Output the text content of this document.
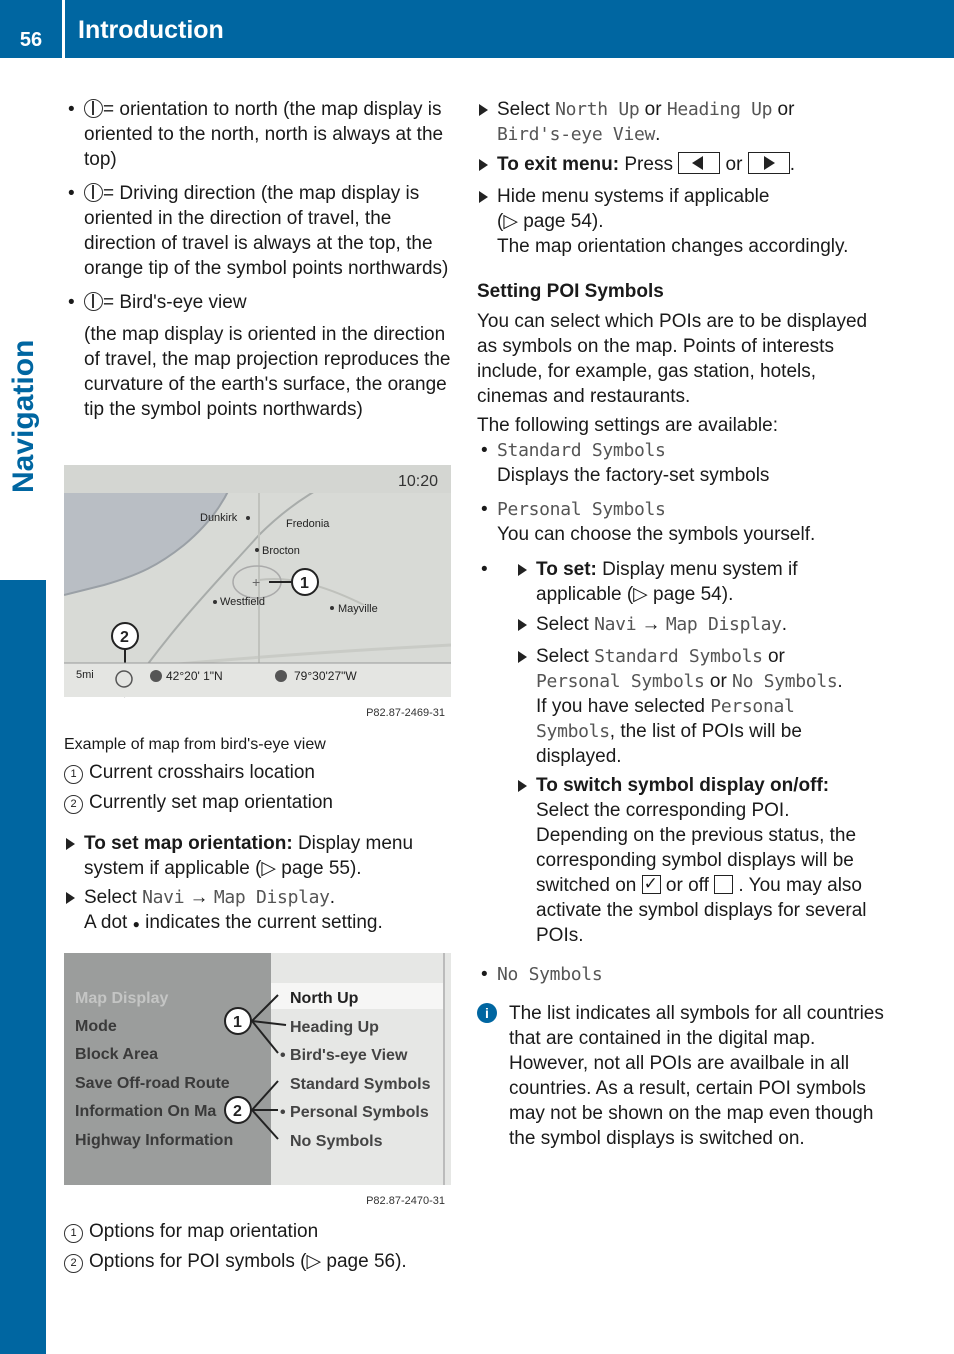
56	Introduction
Navigation

• = orientation to north (the map display is oriented to the north, north is always at the top)

• = Driving direction (the map display is oriented in the direction of travel, the direction of travel is always at the top, the orange tip of the symbol points northwards)

• = Bird's-eye view

(the map display is oriented in the direction of travel, the map projection reproduces the curvature of the earth's surface, the orange tip the symbol points northwards)

10:20
+
Dunkirk	Fredonia
Brocton
Westfield
Mayville
1
2
5mi	42°20' 1"N	79°30'27"W
P82.87-2469-31

Example of map from bird's-eye view

1 Current crosshairs location

2 Currently set map orientation

To set map orientation: Display menu system if applicable (▷ page 55).

Select Navi → Map Display.
A dot ● indicates the current setting.

Map Display
Mode
Block Area
Save Off-road Route
Information On Ma
Highway Information
North Up
Heading Up
• Bird's-eye View
Standard Symbols
• Personal Symbols
No Symbols
1
2
P82.87-2470-31

1 Options for map orientation

2 Options for POI symbols (▷ page 56).

Select North Up or Heading Up or
Bird's-eye View.

To exit menu: Press  or .

Hide menu systems if applicable
(▷ page 54).
The map orientation changes accordingly.

Setting POI Symbols

You can select which POIs are to be displayed as symbols on the map. Points of interests include, for example, gas station, hotels, cinemas and restaurants.

The following settings are available:

• Standard Symbols
Displays the factory-set symbols

• Personal Symbols
You can choose the symbols yourself.

• To set: Display menu system if applicable (▷ page 54).

Select Navi → Map Display.

Select Standard Symbols or
Personal Symbols or No Symbols.
If you have selected Personal Symbols, the list of POIs will be displayed.

To switch symbol display on/off:
Select the corresponding POI. Depending on the previous status, the corresponding symbol displays will be switched on ✓ or off  . You may also activate the symbol displays for several POIs.

• No Symbols

i	The list indicates all symbols for all countries that are contained in the digital map. However, not all POIs are availbale in all countries. As a result, certain POI symbols may not be shown on the map even though the symbol displays is switched on.
